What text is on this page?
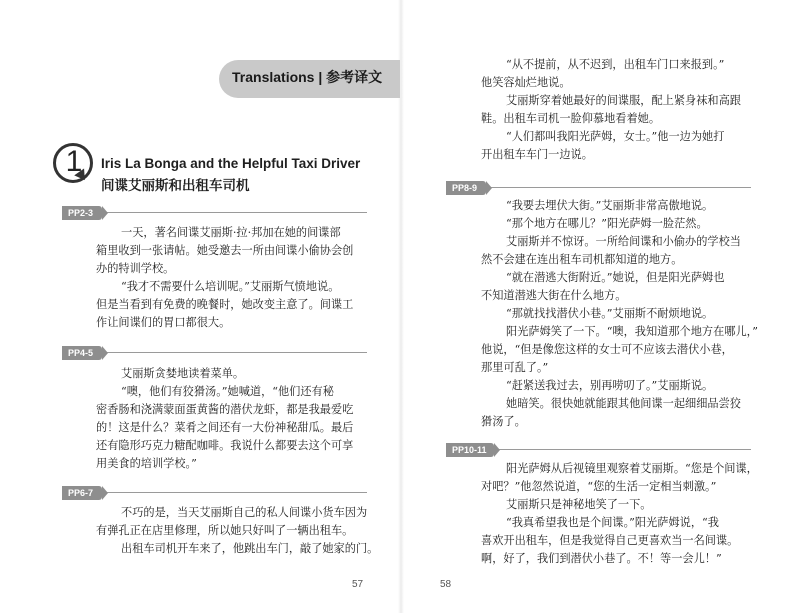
Translations | 参考译文
1	Iris La Bonga and the Helpful Taxi Driver
间谍艾丽斯和出租车司机
PP2-3
一天，著名间谍艾丽斯·拉·邦加在她的间谍部
箱里收到一张请帖。她受邀去一所由间谍小偷协会创
办的特训学校。
“我才不需要什么培训呢。”艾丽斯气愤地说。
但是当看到有免费的晚餐时，她改变主意了。间谍工
作让间谍们的胃口都很大。
PP4-5
艾丽斯贪婪地读着菜单。
“噢，他们有狡猾汤。”她喊道，“他们还有秘
密香肠和浇满蒙面蛋黄酱的潜伏龙虾，都是我最爱吃
的！这是什么？菜肴之间还有一大份神秘甜瓜。最后
还有隐形巧克力糖配咖啡。我说什么都要去这个可享
用美食的培训学校。”
PP6-7
不巧的是，当天艾丽斯自己的私人间谍小货车因为
有弹孔正在店里修理，所以她只好叫了一辆出租车。
出租车司机开车来了，他跳出车门，敲了她家的门。
57
“从不提前，从不迟到，出租车门口来报到。”
他笑容灿烂地说。
艾丽斯穿着她最好的间谍服，配上紧身袜和高跟
鞋。出租车司机一脸仰慕地看着她。
“人们都叫我阳光萨姆，女士。”他一边为她打
开出租车车门一边说。
PP8-9
“我要去埋伏大街。”艾丽斯非常高傲地说。
“那个地方在哪儿？”阳光萨姆一脸茫然。
艾丽斯并不惊讶。一所给间谍和小偷办的学校当
然不会建在连出租车司机都知道的地方。
“就在潜逃大街附近。”她说，但是阳光萨姆也
不知道潜逃大街在什么地方。
“那就找找潜伏小巷。”艾丽斯不耐烦地说。
阳光萨姆笑了一下。“噢，我知道那个地方在哪儿，”
他说，“但是像您这样的女士可不应该去潜伏小巷，
那里可乱了。”
“赶紧送我过去，别再唠叨了。”艾丽斯说。
她暗笑。很快她就能跟其他间谍一起细细品尝狡
猾汤了。
PP10-11
阳光萨姆从后视镜里观察着艾丽斯。“您是个间谍，
对吧？”他忽然说道，“您的生活一定相当刺激。”
艾丽斯只是神秘地笑了一下。
“我真希望我也是个间谍。”阳光萨姆说，“我
喜欢开出租车，但是我觉得自己更喜欢当一名间谍。
啊，好了，我们到潜伏小巷了。不！等一会儿！”
58
